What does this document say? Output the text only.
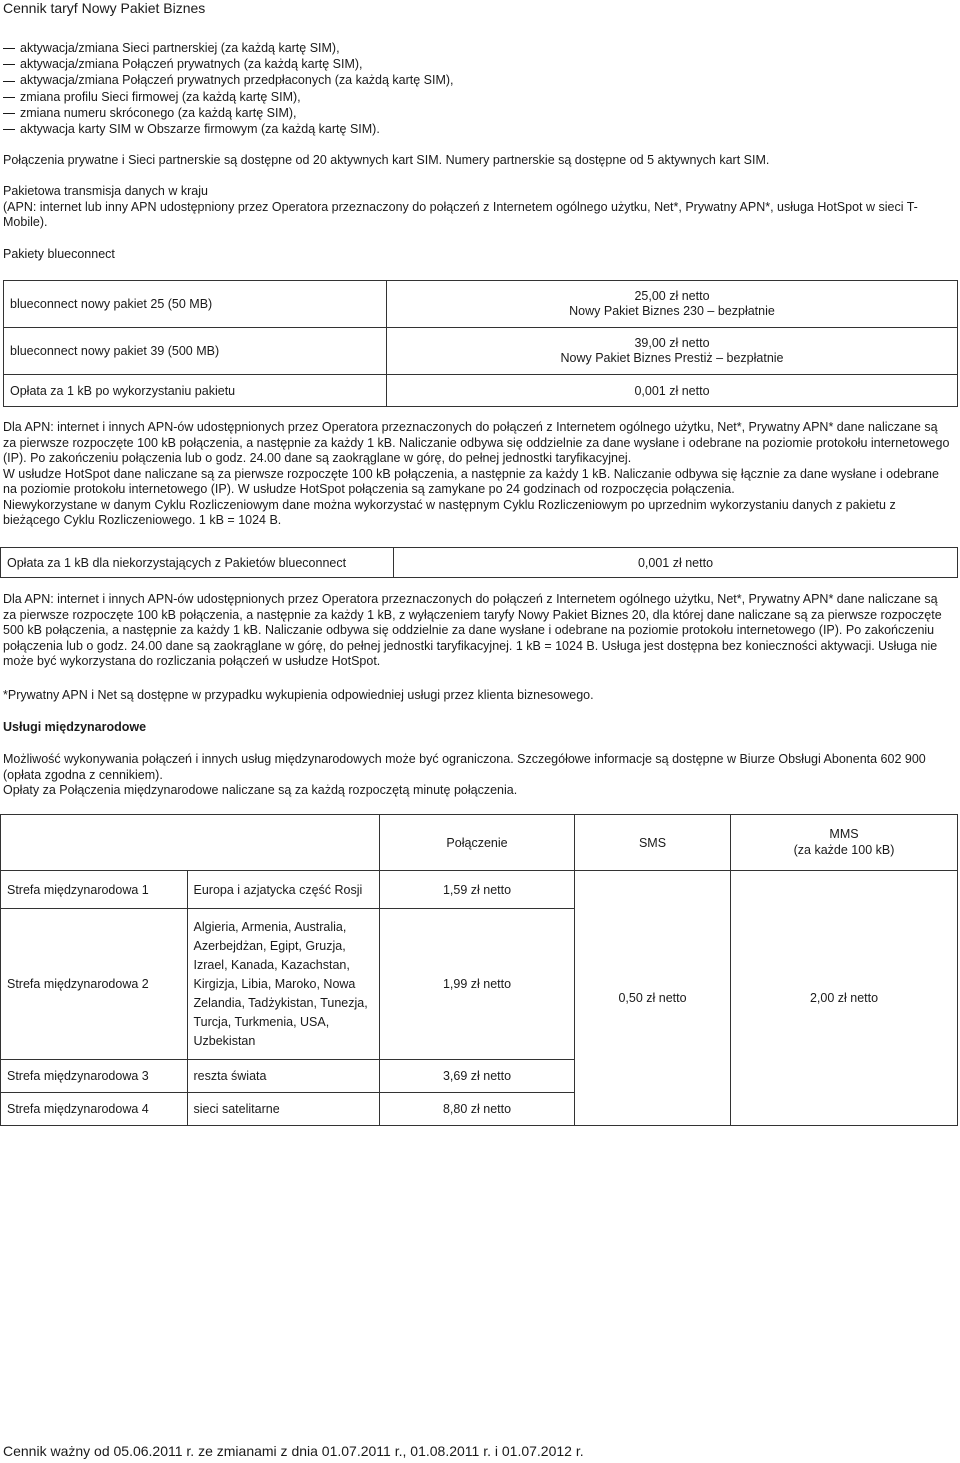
Cennik taryf Nowy Pakiet Biznes
aktywacja/zmiana Sieci partnerskiej (za każdą kartę SIM),
aktywacja/zmiana Połączeń prywatnych (za każdą kartę SIM),
aktywacja/zmiana Połączeń prywatnych przedpłaconych (za każdą kartę SIM),
zmiana profilu Sieci firmowej (za każdą kartę SIM),
zmiana numeru skróconego (za każdą kartę SIM),
aktywacja karty SIM w Obszarze firmowym (za każdą kartę SIM).
Połączenia prywatne i Sieci partnerskie są dostępne od 20 aktywnych kart SIM. Numery partnerskie są dostępne od 5 aktywnych kart SIM.
Pakietowa transmisja danych w kraju
(APN: internet lub inny APN udostępniony przez Operatora przeznaczony do połączeń z Internetem ogólnego użytku, Net*, Prywatny APN*, usługa HotSpot w sieci T-Mobile).
Pakiety blueconnect
blueconnect nowy pakiet 25 (50 MB)	25,00 zł netto
Nowy Pakiet Biznes 230 – bezpłatnie

blueconnect nowy pakiet 39 (500 MB)	39,00 zł netto
Nowy Pakiet Biznes Prestiż – bezpłatnie

Opłata za 1 kB po wykorzystaniu pakietu	0,001 zł netto
Dla APN: internet i innych APN-ów udostępnionych przez Operatora przeznaczonych do połączeń z Internetem ogólnego użytku, Net*, Prywatny APN* dane naliczane są za pierwsze rozpoczęte 100 kB połączenia, a następnie za każdy 1 kB. Naliczanie odbywa się oddzielnie za dane wysłane i odebrane na poziomie protokołu internetowego (IP). Po zakończeniu połączenia lub o godz. 24.00 dane są zaokrąglane w górę, do pełnej jednostki taryfikacyjnej.
W usłudze HotSpot dane naliczane są za pierwsze rozpoczęte 100 kB połączenia, a następnie za każdy 1 kB. Naliczanie odbywa się łącznie za dane wysłane i odebrane na poziomie protokołu internetowego (IP). W usłudze HotSpot połączenia są zamykane po 24 godzinach od rozpoczęcia połączenia.
Niewykorzystane w danym Cyklu Rozliczeniowym dane można wykorzystać w następnym Cyklu Rozliczeniowym po uprzednim wykorzystaniu danych z pakietu z bieżącego Cyklu Rozliczeniowego. 1 kB = 1024 B.
Opłata za 1 kB dla niekorzystających z Pakietów blueconnect	0,001 zł netto
Dla APN: internet i innych APN-ów udostępnionych przez Operatora przeznaczonych do połączeń z Internetem ogólnego użytku, Net*, Prywatny APN* dane naliczane są za pierwsze rozpoczęte 100 kB połączenia, a następnie za każdy 1 kB, z wyłączeniem taryfy Nowy Pakiet Biznes 20, dla której dane naliczane są za pierwsze rozpoczęte 500 kB połączenia, a następnie za każdy 1 kB. Naliczanie odbywa się oddzielnie za dane wysłane i odebrane na poziomie protokołu internetowego (IP). Po zakończeniu połączenia lub o godz. 24.00 dane są zaokrąglane w górę, do pełnej jednostki taryfikacyjnej. 1 kB = 1024 B. Usługa jest dostępna bez konieczności aktywacji. Usługa nie może być wykorzystana do rozliczania połączeń w usłudze HotSpot.
*Prywatny APN i Net są dostępne w przypadku wykupienia odpowiedniej usługi przez klienta biznesowego.
Usługi międzynarodowe
Możliwość wykonywania połączeń i innych usług międzynarodowych może być ograniczona. Szczegółowe informacje są dostępne w Biurze Obsługi Abonenta 602 900 (opłata zgodna z cennikiem).
Opłaty za Połączenia międzynarodowe naliczane są za każdą rozpoczętą minutę połączenia.
		Połączenie	SMS	MMS
(za każde 100 kB)

Strefa międzynarodowa 1	Europa i azjatycka część Rosji	1,59 zł netto	0,50 zł netto	2,00 zł netto
Strefa międzynarodowa 2	Algieria, Armenia, Australia, Azerbejdżan, Egipt, Gruzja, Izrael, Kanada, Kazachstan, Kirgizja, Libia, Maroko, Nowa Zelandia, Tadżykistan, Tunezja, Turcja, Turkmenia, USA, Uzbekistan	1,99 zł netto		
Strefa międzynarodowa 3	reszta świata	3,69 zł netto		
Strefa międzynarodowa 4	sieci satelitarne	8,80 zł netto		
Cennik ważny od 05.06.2011 r. ze zmianami z dnia 01.07.2011 r., 01.08.2011 r. i 01.07.2012 r.
